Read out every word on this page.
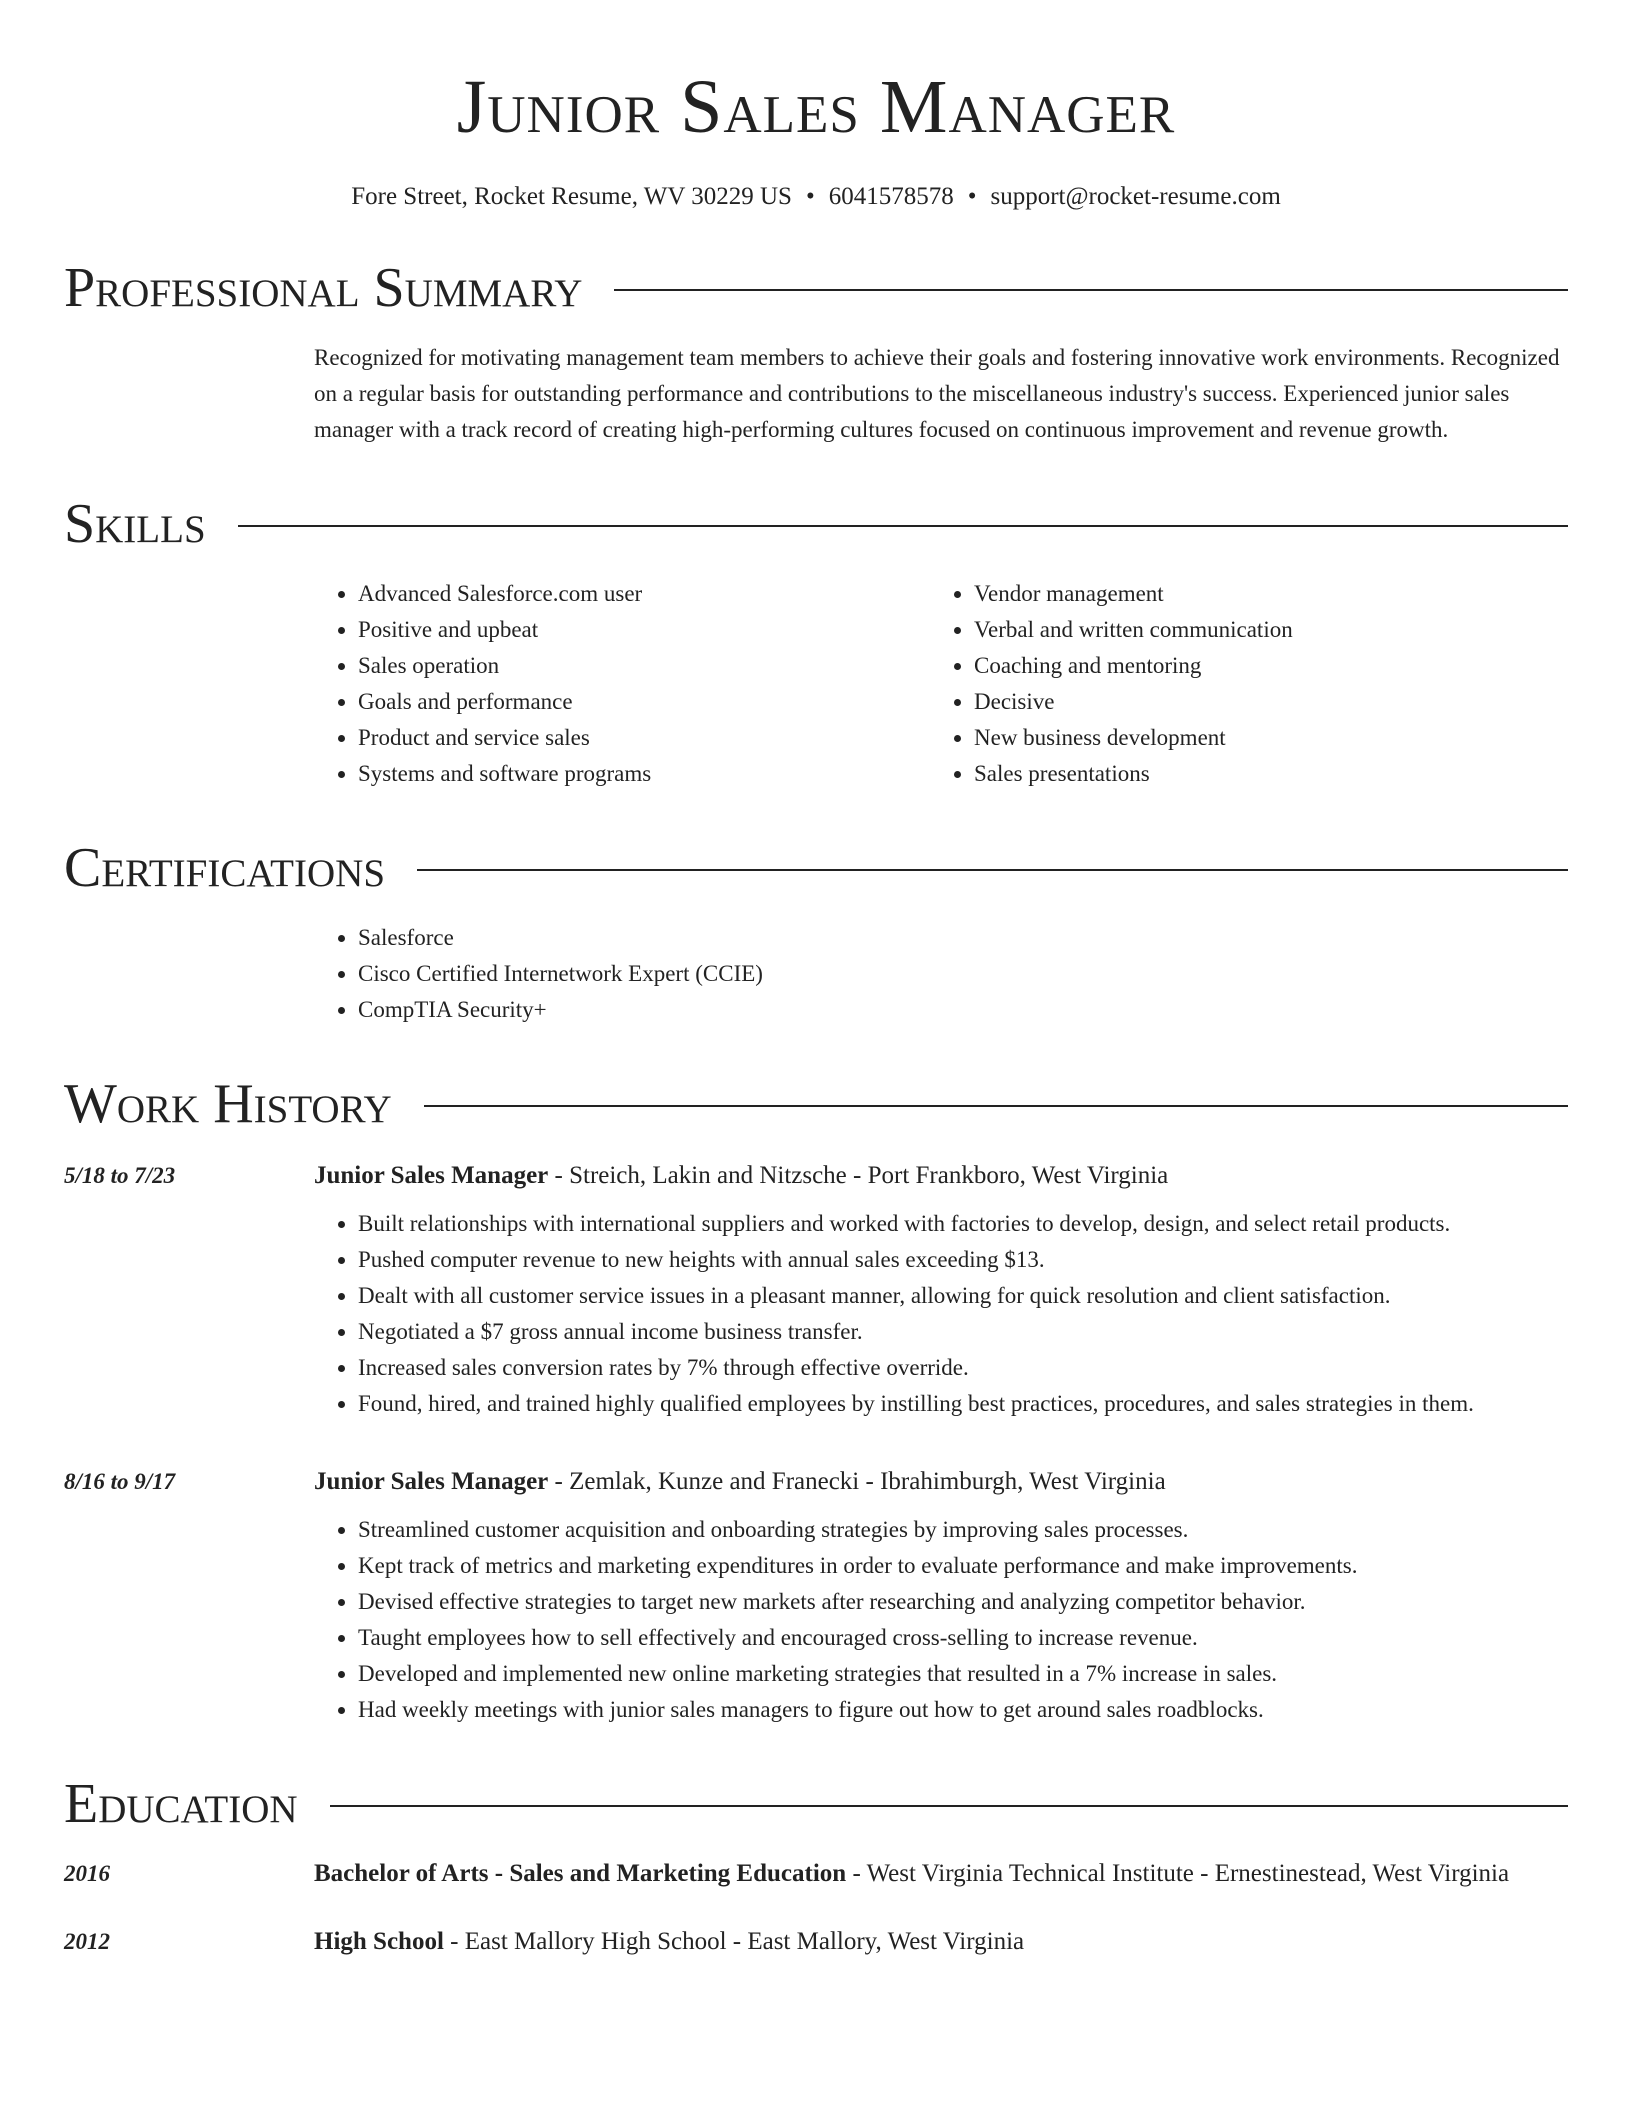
Junior Sales Manager
Fore Street, Rocket Resume, WV 30229 US • 6041578578 • support@rocket-resume.com
Professional Summary
Recognized for motivating management team members to achieve their goals and fostering innovative work environments. Recognized on a regular basis for outstanding performance and contributions to the miscellaneous industry's success. Experienced junior sales manager with a track record of creating high-performing cultures focused on continuous improvement and revenue growth.
Skills
• Advanced Salesforce.com user
• Positive and upbeat
• Sales operation
• Goals and performance
• Product and service sales
• Systems and software programs
• Vendor management
• Verbal and written communication
• Coaching and mentoring
• Decisive
• New business development
• Sales presentations
Certifications
• Salesforce
• Cisco Certified Internetwork Expert (CCIE)
• CompTIA Security+
Work History
5/18 to 7/23	Junior Sales Manager - Streich, Lakin and Nitzsche - Port Frankboro, West Virginia
• Built relationships with international suppliers and worked with factories to develop, design, and select retail products.
• Pushed computer revenue to new heights with annual sales exceeding $13.
• Dealt with all customer service issues in a pleasant manner, allowing for quick resolution and client satisfaction.
• Negotiated a $7 gross annual income business transfer.
• Increased sales conversion rates by 7% through effective override.
• Found, hired, and trained highly qualified employees by instilling best practices, procedures, and sales strategies in them.
8/16 to 9/17	Junior Sales Manager - Zemlak, Kunze and Franecki - Ibrahimburgh, West Virginia
• Streamlined customer acquisition and onboarding strategies by improving sales processes.
• Kept track of metrics and marketing expenditures in order to evaluate performance and make improvements.
• Devised effective strategies to target new markets after researching and analyzing competitor behavior.
• Taught employees how to sell effectively and encouraged cross-selling to increase revenue.
• Developed and implemented new online marketing strategies that resulted in a 7% increase in sales.
• Had weekly meetings with junior sales managers to figure out how to get around sales roadblocks.
Education
2016	Bachelor of Arts - Sales and Marketing Education - West Virginia Technical Institute - Ernestinestead, West Virginia
2012	High School - East Mallory High School - East Mallory, West Virginia
